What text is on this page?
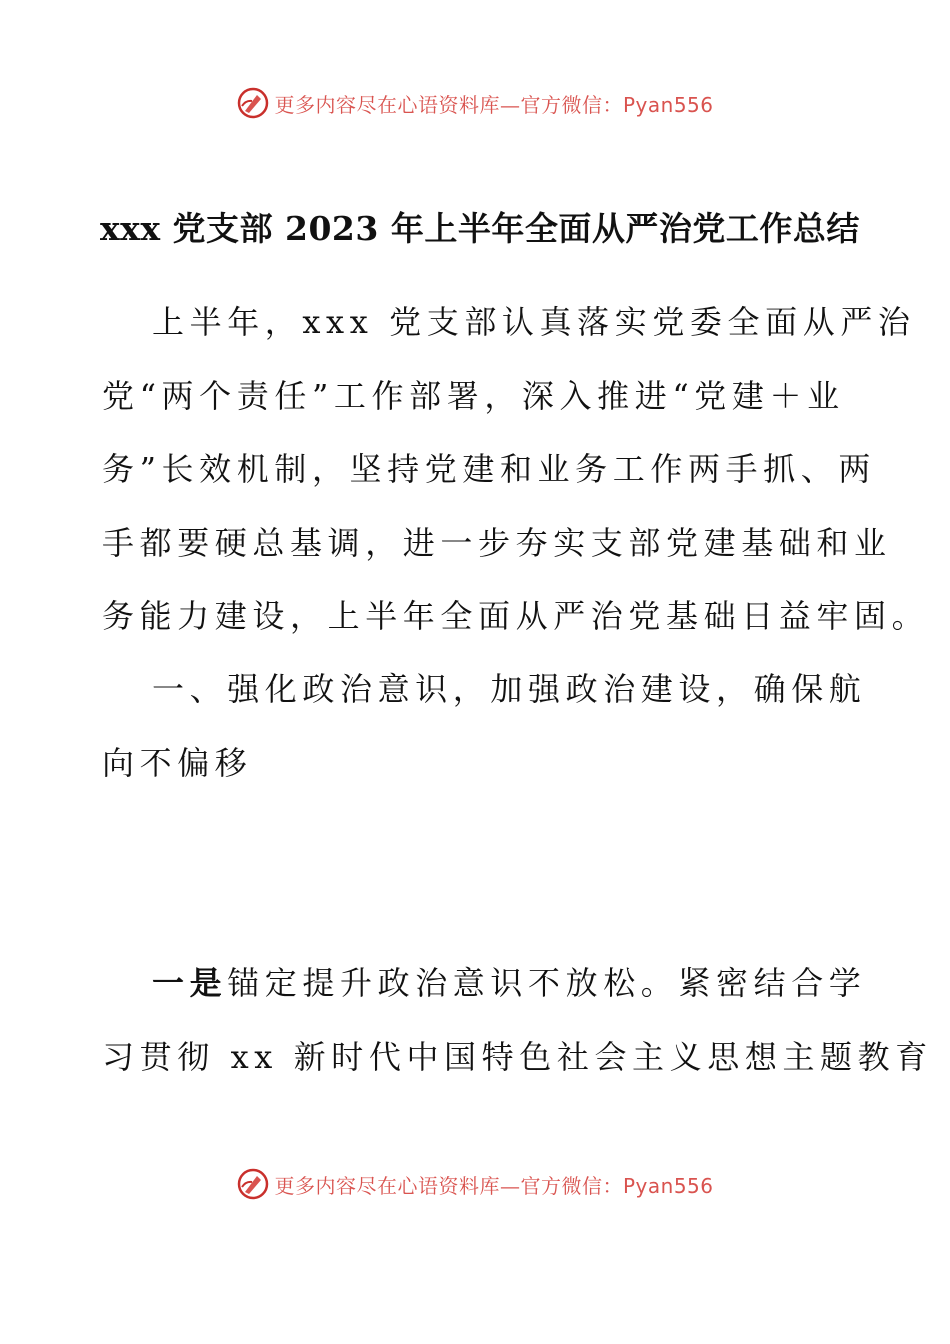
更多内容尽在心语资料库—官方微信：Pyan556
xxx 党支部 2023 年上半年全面从严治党工作总结
上半年，xxx 党支部认真落实党委全面从严治
党“两个责任”工作部署，深入推进“党建＋业
务”长效机制，坚持党建和业务工作两手抓、两
手都要硬总基调，进一步夯实支部党建基础和业
务能力建设，上半年全面从严治党基础日益牢固。
一、强化政治意识，加强政治建设，确保航
向不偏移
一是锚定提升政治意识不放松。紧密结合学
习贯彻 xx 新时代中国特色社会主义思想主题教育
更多内容尽在心语资料库—官方微信：Pyan556
